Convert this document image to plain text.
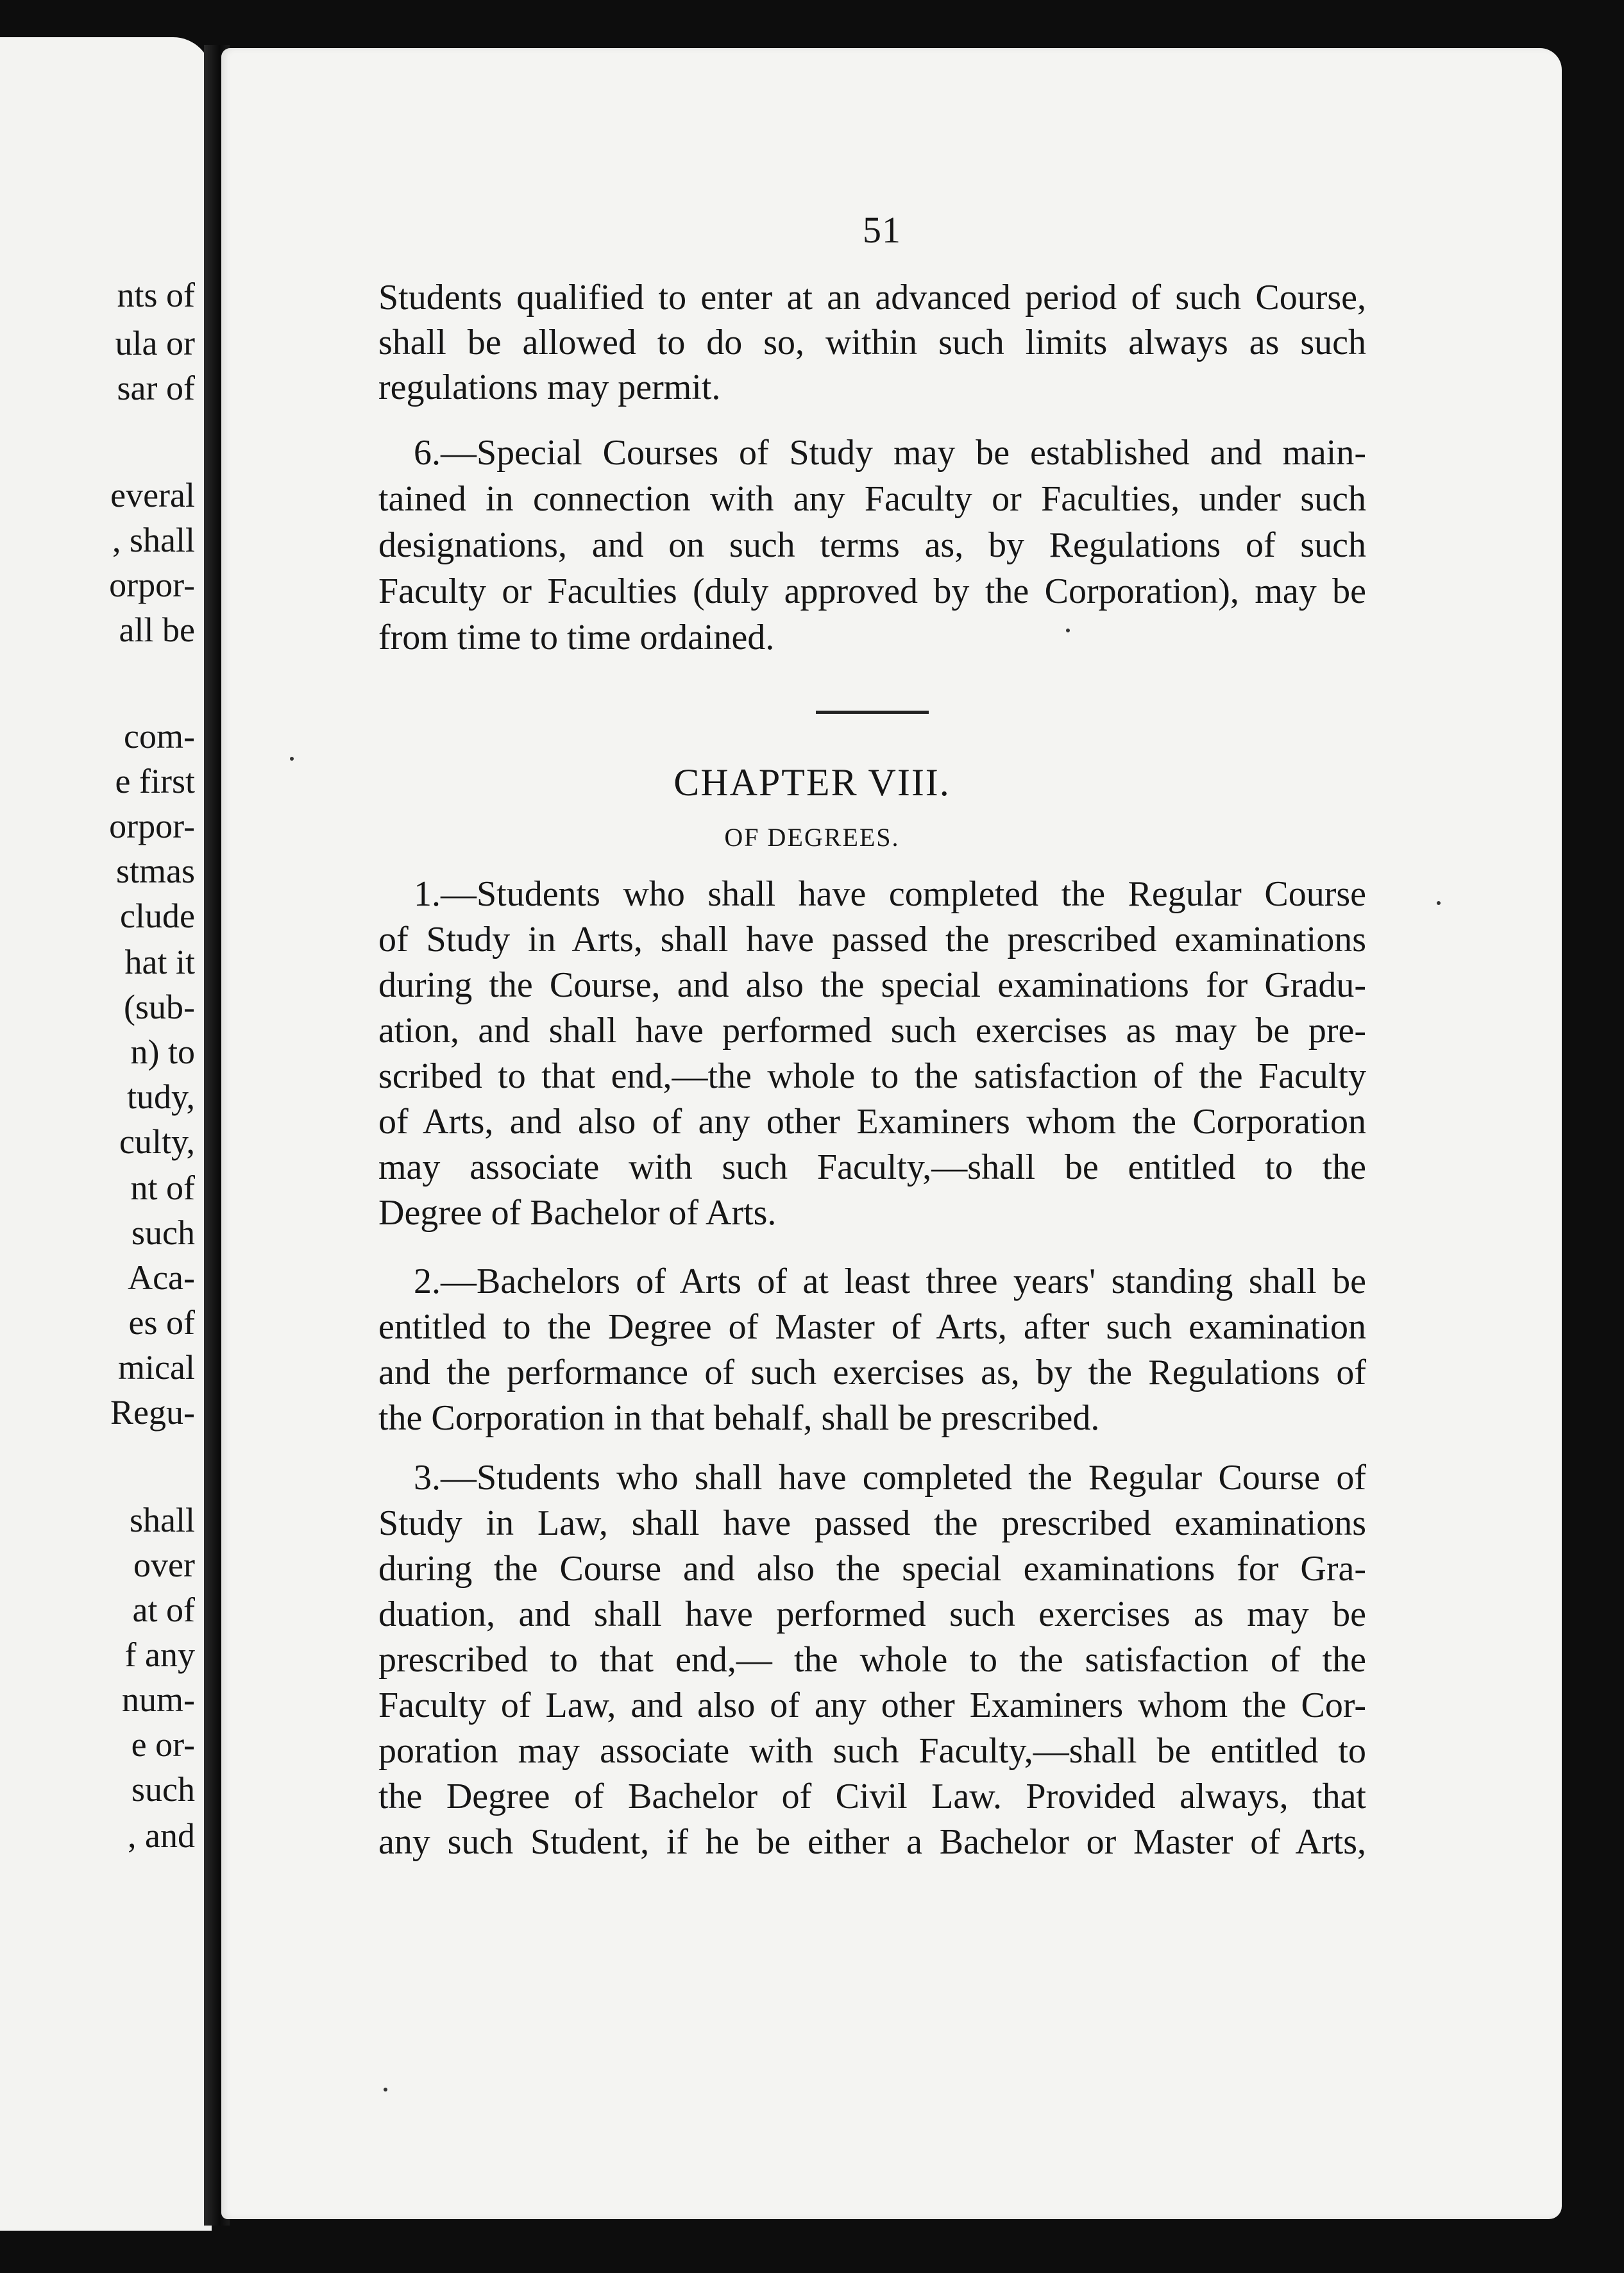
nts of
ula or
sar of
everal
, shall
orpor-
all be
com-
e first
orpor-
stmas
clude
hat it
(sub-
n) to
tudy,
culty,
nt of
such
Aca-
es of
mical
Regu-
shall
over
at of
f any
num-
e or-
such
, and
51
Students qualified to enter at an advanced period of such Course,
shall be allowed to do so, within such limits always as such
regulations may permit.
6.—Special Courses of Study may be established and main-
tained in connection with any Faculty or Faculties, under such
designations, and on such terms as, by Regulations of such
Faculty or Faculties (duly approved by the Corporation), may be
from time to time ordained.
1.—Students who shall have completed the Regular Course
of Study in Arts, shall have passed the prescribed examinations
during the Course, and also the special examinations for Gradu-
ation, and shall have performed such exercises as may be pre-
scribed to that end,—the whole to the satisfaction of the Faculty
of Arts, and also of any other Examiners whom the Corporation
may associate with such Faculty,—shall be entitled to the
Degree of Bachelor of Arts.
2.—Bachelors of Arts of at least three years' standing shall be
entitled to the Degree of Master of Arts, after such examination
and the performance of such exercises as, by the Regulations of
the Corporation in that behalf, shall be prescribed.
3.—Students who shall have completed the Regular Course of
Study in Law, shall have passed the prescribed examinations
during the Course and also the special examinations for Gra-
duation, and shall have performed such exercises as may be
prescribed to that end,— the whole to the satisfaction of the
Faculty of Law, and also of any other Examiners whom the Cor-
poration may associate with such Faculty,—shall be entitled to
the Degree of Bachelor of Civil Law. Provided always, that
any such Student, if he be either a Bachelor or Master of Arts,
CHAPTER VIII.
OF DEGREES.
